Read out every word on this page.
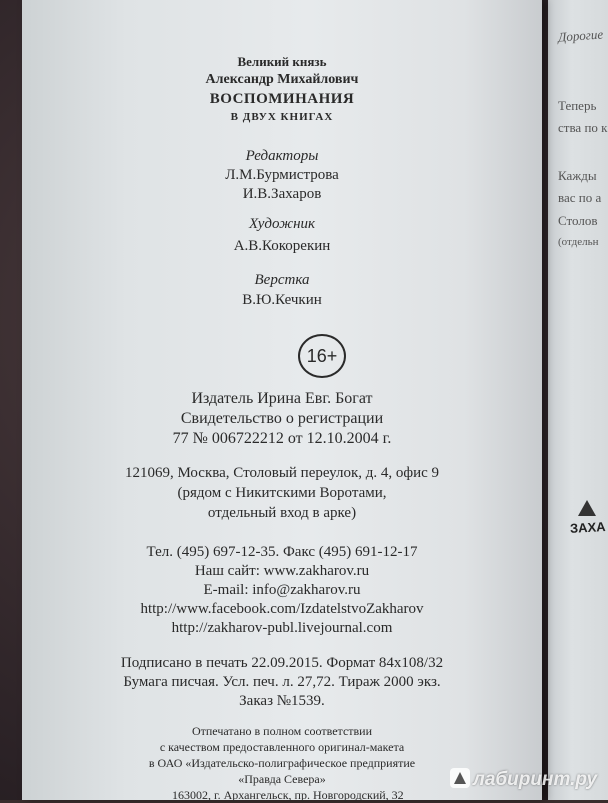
Дорогие
Теперь
ства по к
Кажды
вас по а
Столов
(отдельн
ЗАХА
Великий князь
Александр Михайлович
ВОСПОМИНАНИЯ
В ДВУХ КНИГАХ
Редакторы
Л.М.Бурмистрова
И.В.Захаров
Художник
А.В.Кокорекин
Верстка
В.Ю.Кечкин
16+
Издатель Ирина Евг. Богат
Свидетельство о регистрации
77 № 006722212 от 12.10.2004 г.
121069, Москва, Столовый переулок, д. 4, офис 9
(рядом с Никитскими Воротами,
отдельный вход в арке)
Тел. (495) 697-12-35. Факс (495) 691-12-17
Наш сайт: www.zakharov.ru
E-mail: info@zakharov.ru
http://www.facebook.com/IzdatelstvoZakharov
http://zakharov-publ.livejournal.com
Подписано в печать 22.09.2015. Формат 84х108/32
Бумага писчая. Усл. печ. л. 27,72. Тираж 2000 экз.
Заказ №1539.
Отпечатано в полном соответствии
с качеством предоставленного оригинал-макета
в ОАО «Издательско-полиграфическое предприятие
«Правда Севера»
163002, г. Архангельск, пр. Новгородский, 32
лабиринт.ру
